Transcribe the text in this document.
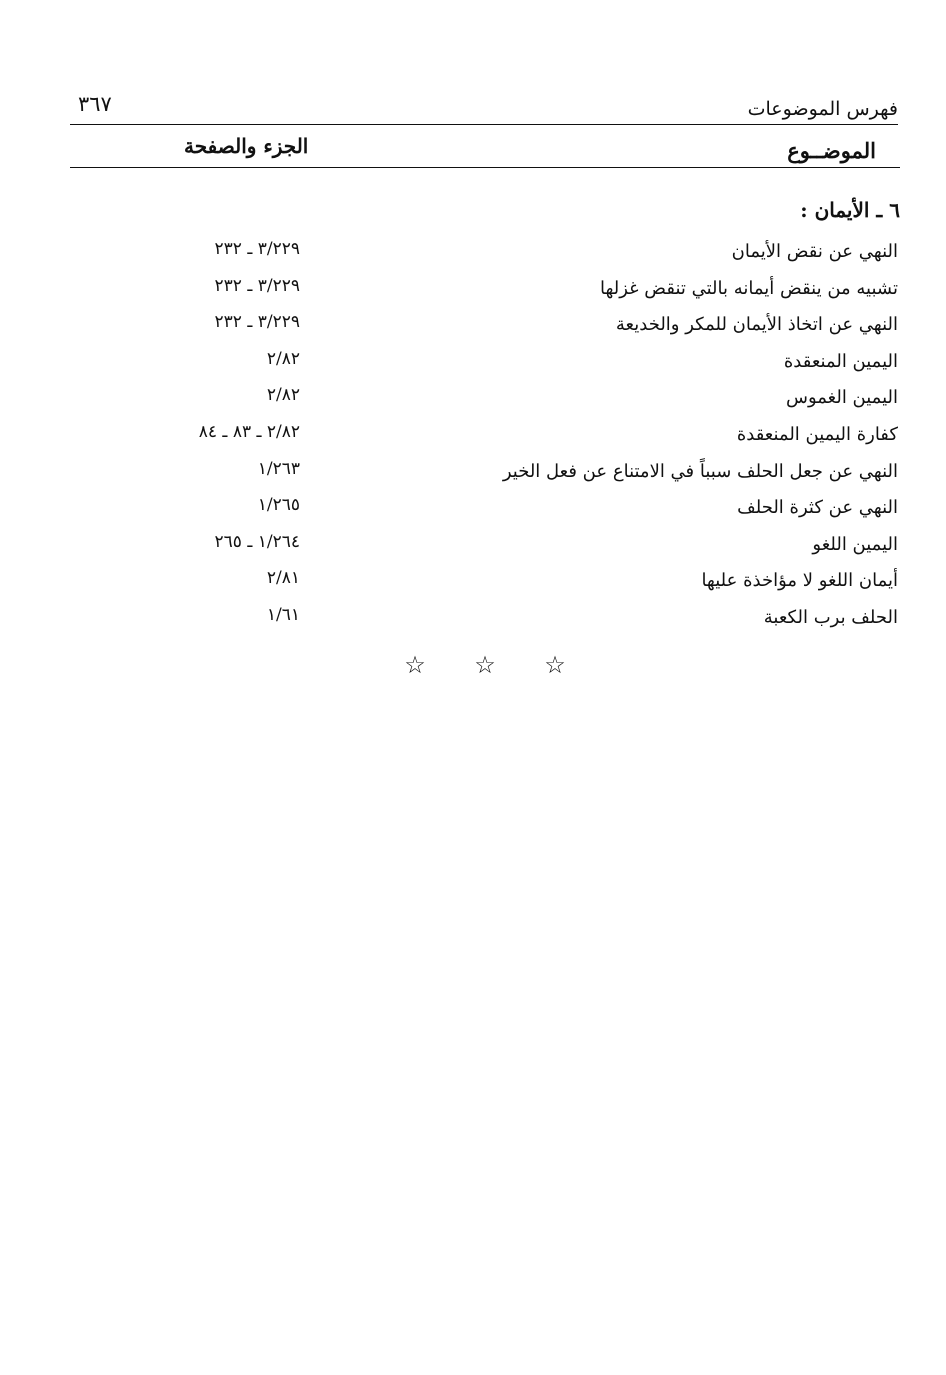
فهرس الموضوعات
٣٦٧
الموضــوع
الجزء والصفحة
٦ ـ الأيمان :
النهي عن نقض الأيمان
٣/٢٢٩ ـ ٢٣٢
تشبيه من ينقض أيمانه بالتي تنقض غزلها
٣/٢٢٩ ـ ٢٣٢
النهي عن اتخاذ الأيمان للمكر والخديعة
٣/٢٢٩ ـ ٢٣٢
اليمين المنعقدة
٢/٨٢
اليمين الغموس
٢/٨٢
كفارة اليمين المنعقدة
٢/٨٢ ـ ٨٣ ـ ٨٤
النهي عن جعل الحلف سبباً في الامتناع عن فعل الخير
١/٢٦٣
النهي عن كثرة الحلف
١/٢٦٥
اليمين اللغو
١/٢٦٤ ـ ٢٦٥
أيمان اللغو لا مؤاخذة عليها
٢/٨١
الحلف برب الكعبة
١/٦١
☆ ☆ ☆
